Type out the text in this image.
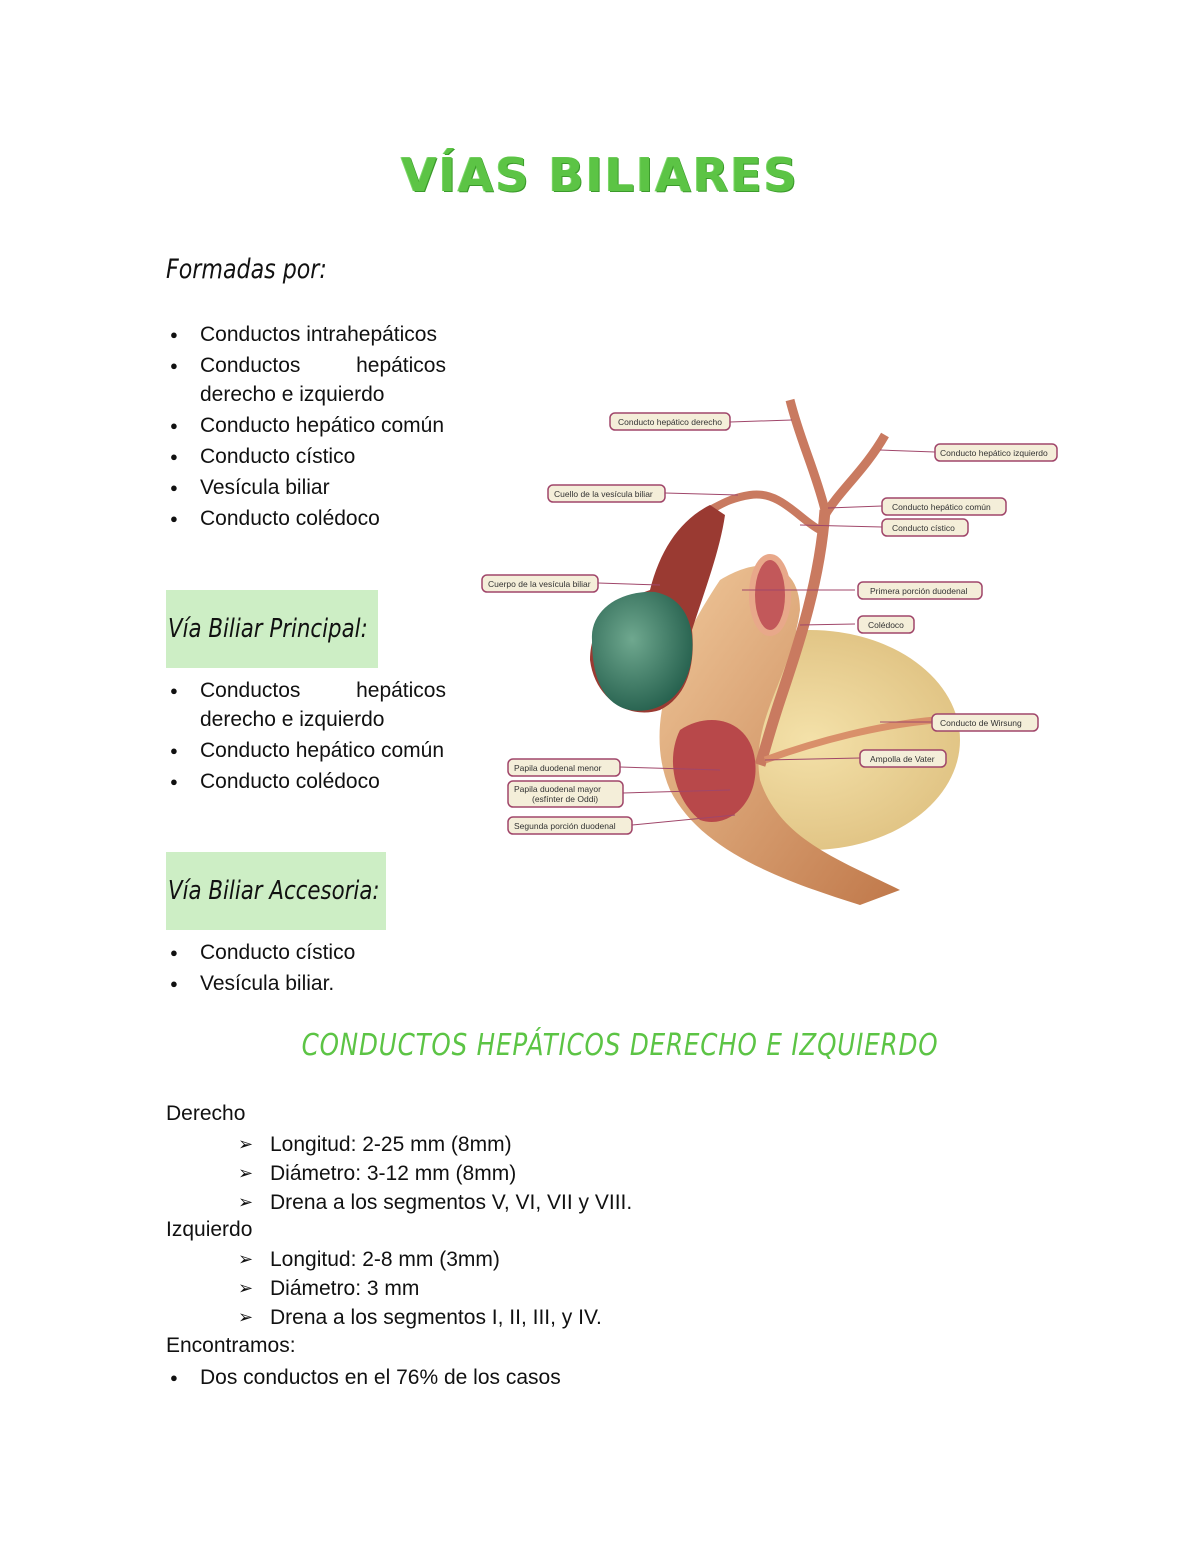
VÍAS BILIARES
Formadas por:
● Conductos intrahepáticos
● Conductos hepáticos derecho e izquierdo
● Conducto hepático común
● Conducto cístico
● Vesícula biliar
● Conducto colédoco
Vía Biliar Principal:
● Conductos hepáticos derecho e izquierdo
● Conducto hepático común
● Conducto colédoco
Vía Biliar Accesoria:
● Conducto cístico
● Vesícula biliar.
Conducto hepático derecho
Conducto hepático izquierdo
Cuello de la vesícula biliar
Conducto hepático común
Conducto cístico
Cuerpo de la vesícula biliar
Primera porción duodenal
Colédoco
Conducto de Wirsung
Ampolla de Vater
Papila duodenal menor
Papila duodenal mayor
(esfínter de Oddi)
Segunda porción duodenal
CONDUCTOS HEPÁTICOS DERECHO E IZQUIERDO
Derecho
➢ Longitud: 2-25 mm (8mm)
➢ Diámetro: 3-12 mm (8mm)
➢ Drena a los segmentos V, VI, VII y VIII.
Izquierdo
➢ Longitud: 2-8 mm (3mm)
➢ Diámetro: 3 mm
➢ Drena a los segmentos I, II, III, y IV.
Encontramos:
● Dos conductos en el 76% de los casos
